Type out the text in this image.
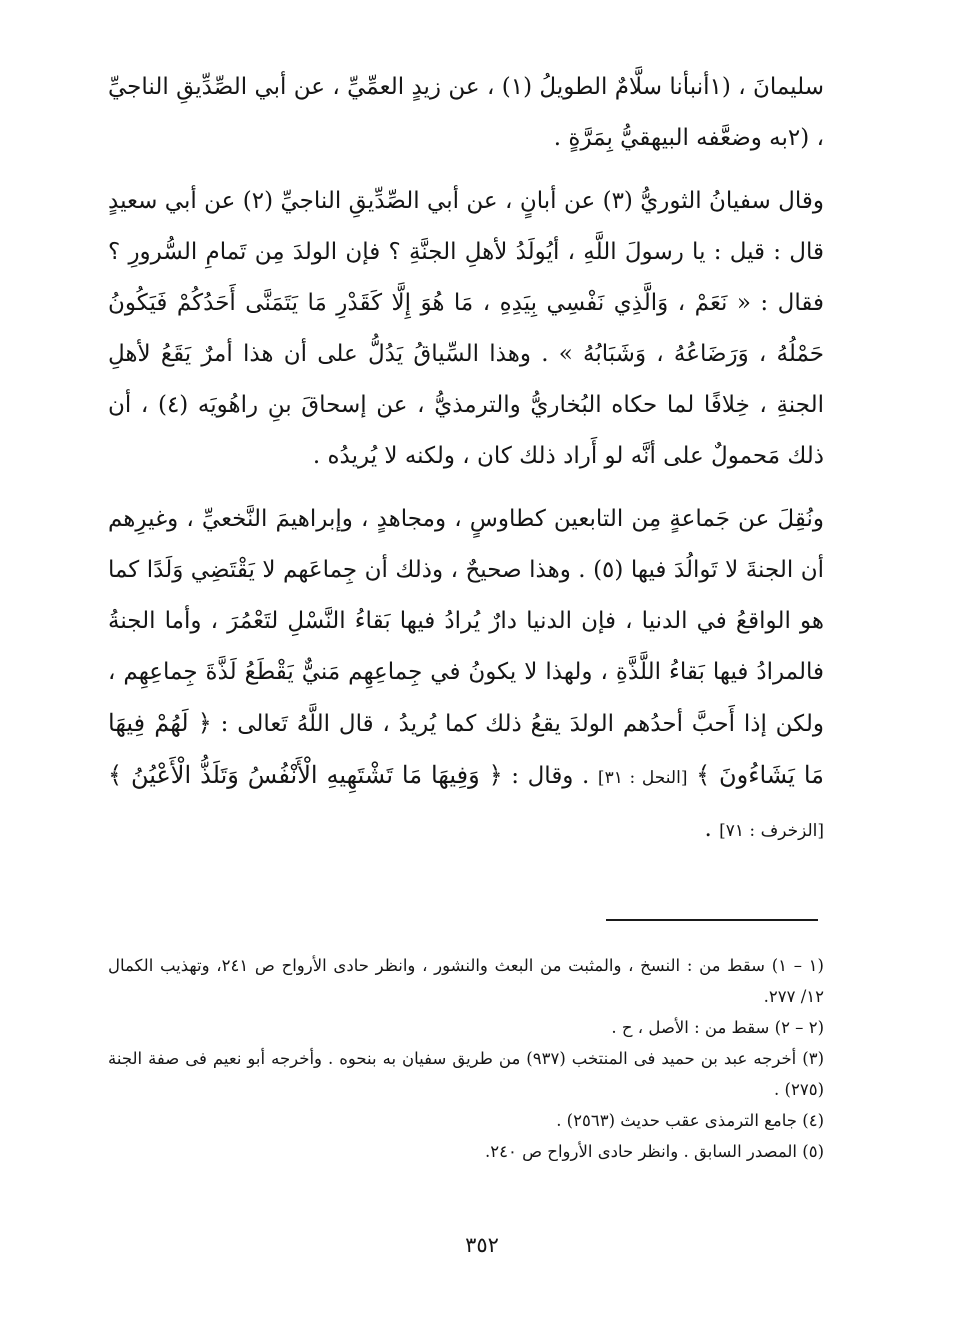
سليمانَ ، (١أنبأنا سلَّامٌ الطويلُ (١) ، عن زيدٍ العمِّيِّ ، عن أبي الصِّدِّيقِ الناجيِّ ، (٢به وضعَّفه البيهقيُّ بِمَرَّةٍ .

وقال سفيانُ الثوريُّ (٣) عن أبانٍ ، عن أبي الصِّدِّيقِ الناجيِّ (٢) عن أبي سعيدٍ قال : قيل : يا رسولَ اللَّهِ ، أيُولَدُ لأهلِ الجنَّةِ ؟ فإن الولدَ مِن تَمامِ السُّرورِ ؟ فقال : « نَعَمْ ، وَالَّذِي نَفْسِي بِيَدِهِ ، مَا هُوَ إِلَّا كَقَدْرِ مَا يَتَمَنَّى أَحَدُكُمْ فَيَكُونُ حَمْلُهُ ، وَرَضَاعُهُ ، وَشَبَابُهُ » . وهذا السِّياقُ يَدُلُّ على أن هذا أمرٌ يَقَعُ لأهلِ الجنةِ ، خِلافًا لما حكاه البُخاريُّ والترمذيُّ ، عن إسحاقَ بنِ راهُويَه (٤) ، أن ذلك مَحمولٌ على أنَّه لو أَراد ذلك كان ، ولكنه لا يُريدُه .

ونُقِلَ عن جَماعةٍ مِن التابعين كطاوسٍ ، ومجاهدٍ ، وإبراهيمَ النَّخعيِّ ، وغيرِهم أن الجنةَ لا تَوالُدَ فيها (٥) . وهذا صحيحٌ ، وذلك أن جِماعَهم لا يَقْتَضِي وَلَدًا كما هو الواقعُ في الدنيا ، فإن الدنيا دارٌ يُرادُ فيها بَقاءُ النَّسْلِ لتَعْمُرَ ، وأما الجنةُ فالمرادُ فيها بَقاءُ اللَّذَّةِ ، ولهذا لا يكونُ في جِماعِهِم مَنيٌّ يَقْطَعُ لَذَّةَ جِماعِهِم ، ولكن إذا أَحبَّ أحدُهم الولدَ يقعُ ذلك كما يُريدُ ، قال اللَّهُ تَعالى : ﴿ لَهُمْ فِيهَا مَا يَشَاءُونَ ﴾ [النحل : ٣١] . وقال : ﴿ وَفِيهَا مَا تَشْتَهِيهِ الْأَنْفُسُ وَتَلَذُّ الْأَعْيُنُ ﴾ [الزخرف : ٧١] .

(١ – ١) سقط من : النسخ ، والمثبت من البعث والنشور ، وانظر حادى الأرواح ص ٢٤١، وتهذيب الكمال ١٢/ ٢٧٧.

(٢ – ٢) سقط من : الأصل ، ح .

(٣) أخرجه عبد بن حميد فى المنتخب (٩٣٧) من طريق سفيان به بنحوه . وأخرجه أبو نعيم فى صفة الجنة (٢٧٥) .

(٤) جامع الترمذى عقب حديث (٢٥٦٣) .

(٥) المصدر السابق . وانظر حادى الأرواح ص ٢٤٠.

٣٥٢
